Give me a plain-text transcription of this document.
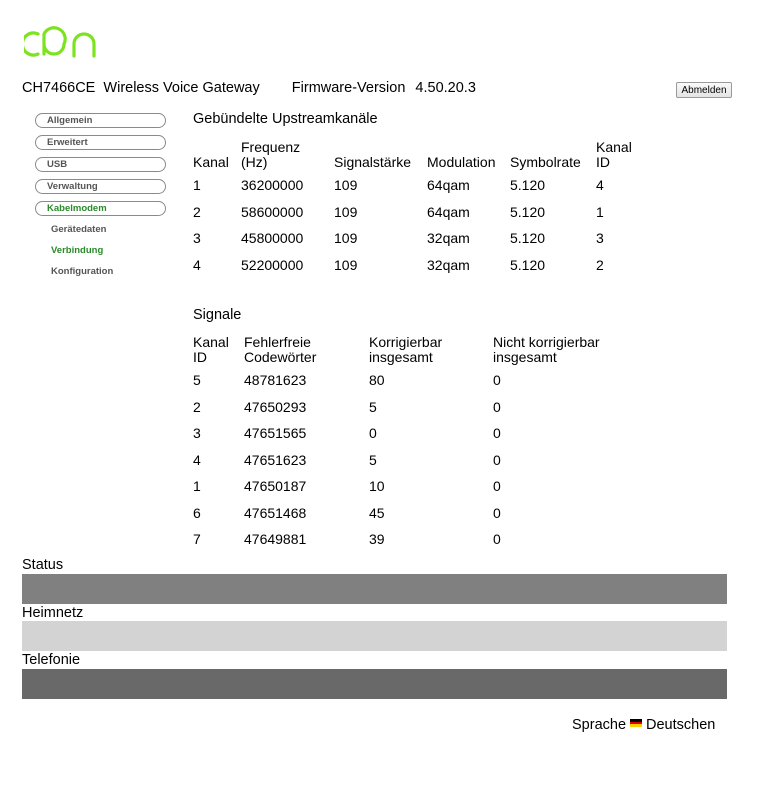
CH7466CE Wireless Voice Gateway Firmware-Version 4.50.20.3	Abmelden
Allgemein
Erweitert
USB
Verwaltung
Kabelmodem
Gerätedaten
Verbindung
Konfiguration
Gebündelte Upstreamkanäle
Kanal	Frequenz (Hz)	Signalstärke	Modulation	Symbolrate	Kanal ID
1	36200000	109	64qam	5.120	4
2	58600000	109	64qam	5.120	1
3	45800000	109	32qam	5.120	3
4	52200000	109	32qam	5.120	2
Signale
Kanal ID	Fehlerfreie Codewörter	Korrigierbar insgesamt	Nicht korrigierbar insgesamt
5	48781623	80	0
2	47650293	5	0
3	47651565	0	0
4	47651623	5	0
1	47650187	10	0
6	47651468	45	0
7	47649881	39	0
Status
Heimnetz
Telefonie
Sprache Deutschen
